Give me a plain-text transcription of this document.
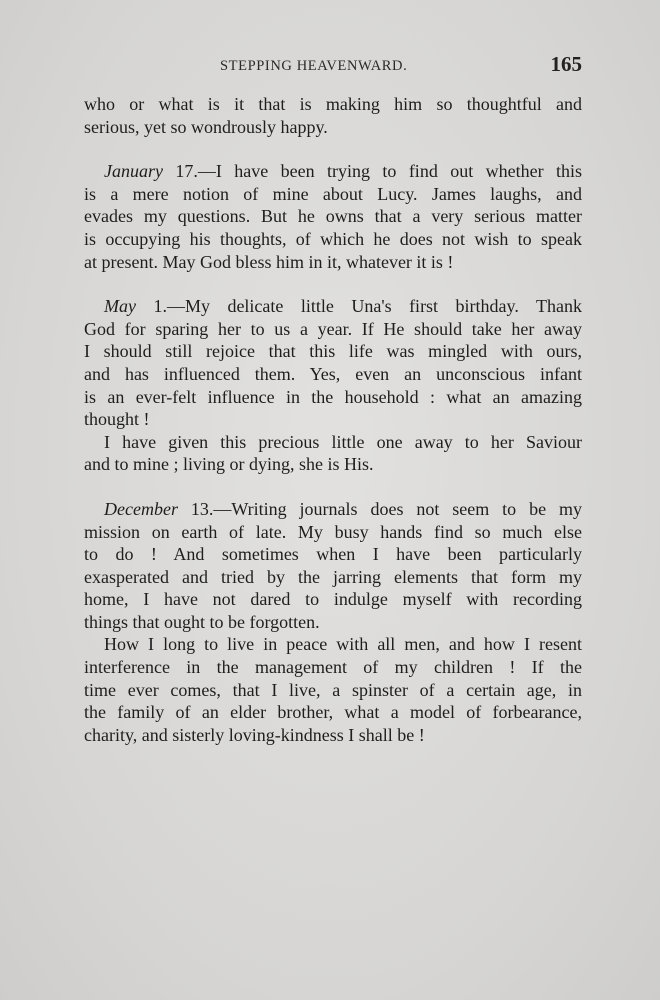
STEPPING HEAVENWARD.	165
who or what is it that is making him so thoughtful and
serious, yet so wondrously happy.
January 17.—I have been trying to find out whether this
is a mere notion of mine about Lucy. James laughs, and
evades my questions. But he owns that a very serious matter
is occupying his thoughts, of which he does not wish to speak
at present. May God bless him in it, whatever it is !
May 1.—My delicate little Una's first birthday. Thank
God for sparing her to us a year. If He should take her away
I should still rejoice that this life was mingled with ours,
and has influenced them. Yes, even an unconscious infant
is an ever-felt influence in the household : what an amazing
thought !
I have given this precious little one away to her Saviour
and to mine ; living or dying, she is His.
December 13.—Writing journals does not seem to be my
mission on earth of late. My busy hands find so much else
to do ! And sometimes when I have been particularly
exasperated and tried by the jarring elements that form my
home, I have not dared to indulge myself with recording
things that ought to be forgotten.
How I long to live in peace with all men, and how I resent
interference in the management of my children ! If the
time ever comes, that I live, a spinster of a certain age, in
the family of an elder brother, what a model of forbearance,
charity, and sisterly loving-kindness I shall be !
